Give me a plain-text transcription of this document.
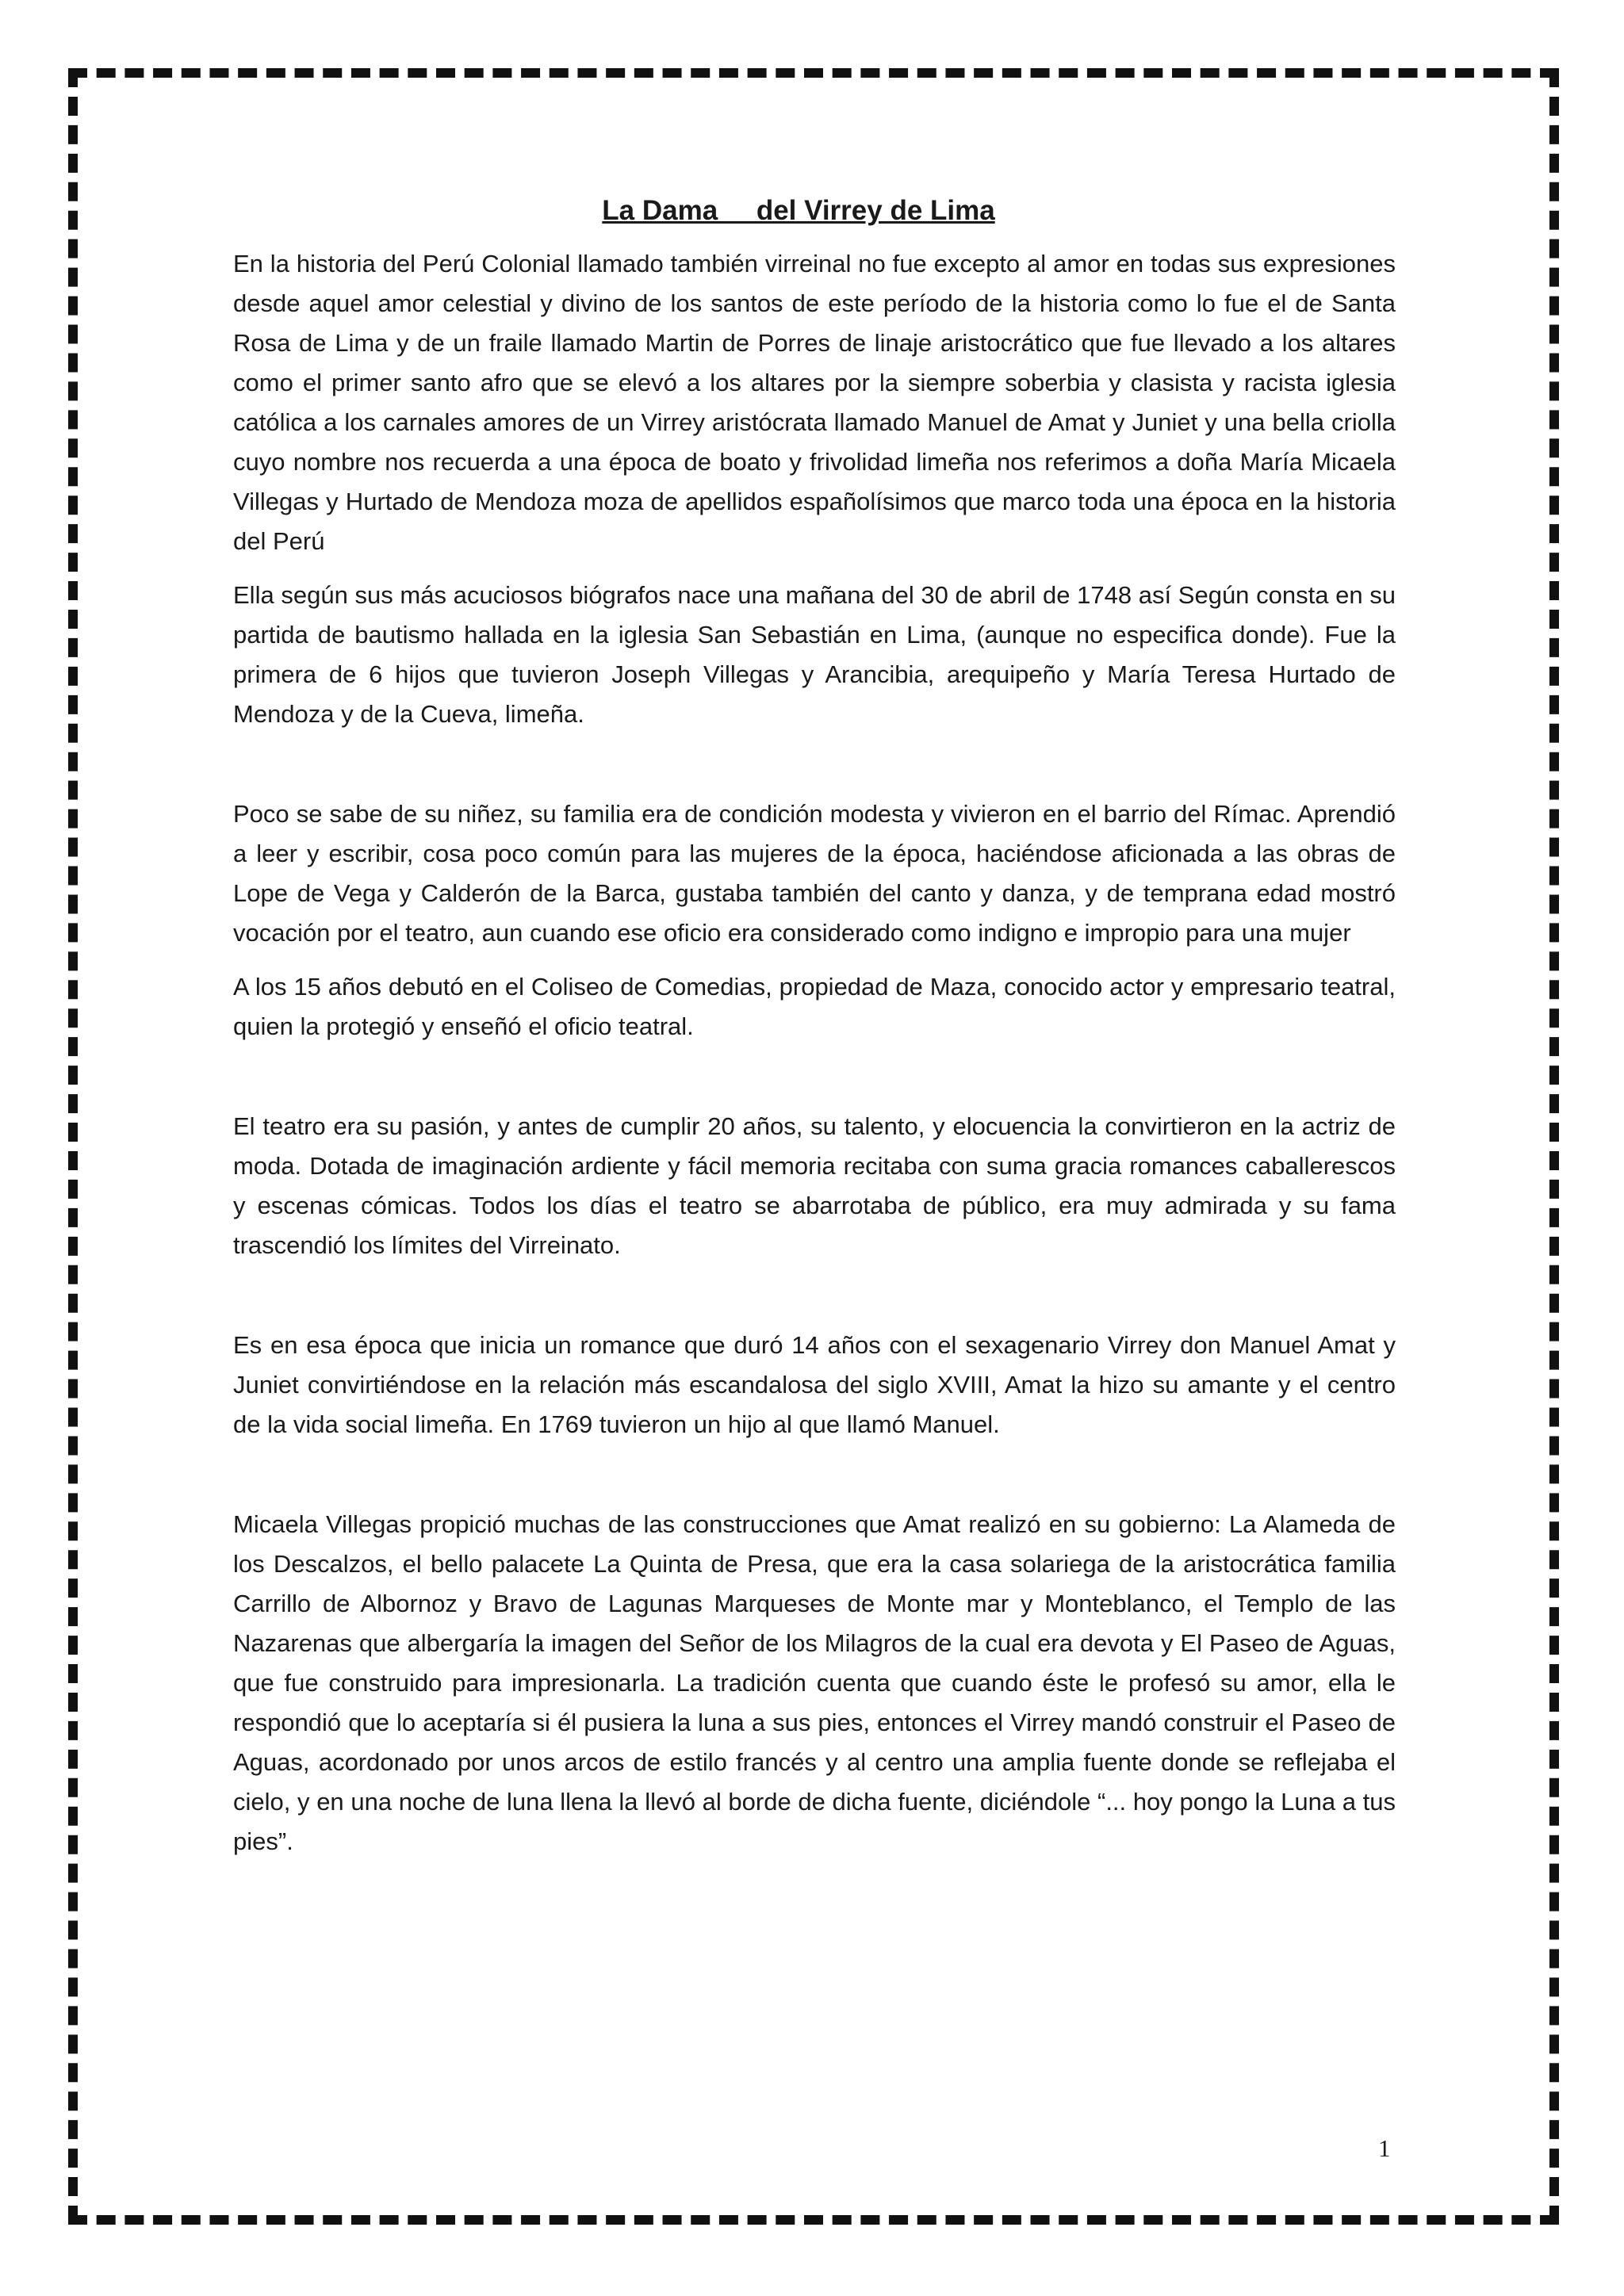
La Dama     del Virrey de Lima

En la historia del Perú Colonial llamado también virreinal no fue excepto al amor en todas sus expresiones desde aquel amor celestial y divino de los santos de este período de la historia como lo fue el de Santa Rosa de Lima y de un fraile llamado Martin de Porres de linaje aristocrático que fue llevado a los altares como el primer santo afro que se elevó a los altares por la siempre soberbia y clasista y racista iglesia católica a los carnales amores de un Virrey aristócrata llamado Manuel de Amat y Juniet y una bella criolla cuyo nombre nos recuerda a una época de boato y frivolidad limeña nos referimos a doña María Micaela Villegas y Hurtado de Mendoza moza de apellidos españolísimos que marco toda una época en la historia del Perú

Ella según sus más acuciosos biógrafos nace una mañana del 30 de abril de 1748 así Según consta en su partida de bautismo hallada en la iglesia San Sebastián en Lima, (aunque no especifica donde). Fue la primera de 6 hijos que tuvieron Joseph Villegas y Arancibia, arequipeño y María Teresa Hurtado de Mendoza y de la Cueva, limeña.

Poco se sabe de su niñez, su familia era de condición modesta y vivieron en el barrio del Rímac. Aprendió a leer y escribir, cosa poco común para las mujeres de la época, haciéndose aficionada a las obras de Lope de Vega y Calderón de la Barca, gustaba también del canto y danza, y de temprana edad mostró vocación por el teatro, aun cuando ese oficio era considerado como indigno e impropio para una mujer

A los 15 años debutó en el Coliseo de Comedias, propiedad de Maza, conocido actor y empresario teatral, quien la protegió y enseñó el oficio teatral.

El teatro era su pasión, y antes de cumplir 20 años, su talento, y elocuencia la convirtieron en la actriz de moda. Dotada de imaginación ardiente y fácil memoria recitaba con suma gracia romances caballerescos y escenas cómicas. Todos los días el teatro se abarrotaba de público, era muy admirada y su fama trascendió los límites del Virreinato.

Es en esa época que inicia un romance que duró 14 años con el sexagenario Virrey don Manuel Amat y Juniet convirtiéndose en la relación más escandalosa del siglo XVIII, Amat la hizo su amante y el centro de la vida social limeña. En 1769 tuvieron un hijo al que llamó Manuel.

Micaela Villegas propició muchas de las construcciones que Amat realizó en su gobierno: La Alameda de los Descalzos, el bello palacete La Quinta de Presa, que era la casa solariega de la aristocrática familia Carrillo de Albornoz y Bravo de Lagunas Marqueses de Monte mar y Monteblanco, el Templo de las Nazarenas que albergaría la imagen del Señor de los Milagros de la cual era devota y El Paseo de Aguas, que fue construido para impresionarla. La tradición cuenta que cuando éste le profesó su amor, ella le respondió que lo aceptaría si él pusiera la luna a sus pies, entonces el Virrey mandó construir el Paseo de Aguas, acordonado por unos arcos de estilo francés y al centro una amplia fuente donde se reflejaba el cielo, y en una noche de luna llena la llevó al borde de dicha fuente, diciéndole “... hoy pongo la Luna a tus pies”.

1
